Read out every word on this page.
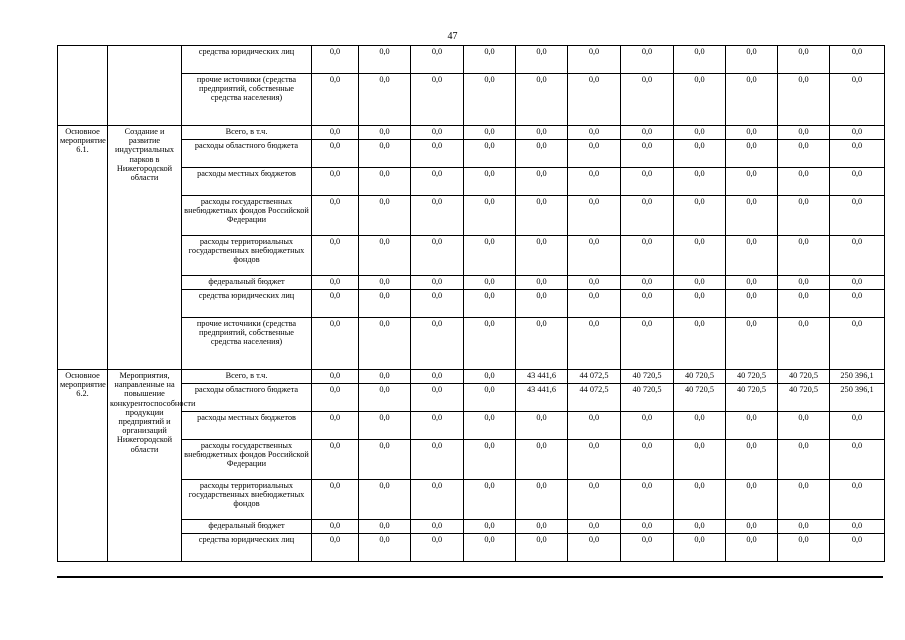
47
		средства юридических лиц	0,0	0,0	0,0	0,0	0,0	0,0	0,0	0,0	0,0	0,0	0,0
		прочие источники (средства предприятий, собственные средства населения)	0,0	0,0	0,0	0,0	0,0	0,0	0,0	0,0	0,0	0,0	0,0
Основное мероприятие 6.1.	Создание и развитие индустриальных парков в Нижегородской области	Всего, в т.ч.	0,0	0,0	0,0	0,0	0,0	0,0	0,0	0,0	0,0	0,0	0,0
		расходы областного бюджета	0,0	0,0	0,0	0,0	0,0	0,0	0,0	0,0	0,0	0,0	0,0
		расходы местных бюджетов	0,0	0,0	0,0	0,0	0,0	0,0	0,0	0,0	0,0	0,0	0,0
		расходы государственных внебюджетных фондов Российской Федерации	0,0	0,0	0,0	0,0	0,0	0,0	0,0	0,0	0,0	0,0	0,0
		расходы территориальных государственных внебюджетных фондов	0,0	0,0	0,0	0,0	0,0	0,0	0,0	0,0	0,0	0,0	0,0
		федеральный бюджет	0,0	0,0	0,0	0,0	0,0	0,0	0,0	0,0	0,0	0,0	0,0
		средства юридических лиц	0,0	0,0	0,0	0,0	0,0	0,0	0,0	0,0	0,0	0,0	0,0
		прочие источники (средства предприятий, собственные средства населения)	0,0	0,0	0,0	0,0	0,0	0,0	0,0	0,0	0,0	0,0	0,0
Основное мероприятие 6.2.	Мероприятия, направленные на повышение конкурентоспособности продукции предприятий и организаций Нижегородской области	Всего, в т.ч.	0,0	0,0	0,0	0,0	43 441,6	44 072,5	40 720,5	40 720,5	40 720,5	40 720,5	250 396,1
		расходы областного бюджета	0,0	0,0	0,0	0,0	43 441,6	44 072,5	40 720,5	40 720,5	40 720,5	40 720,5	250 396,1
		расходы местных бюджетов	0,0	0,0	0,0	0,0	0,0	0,0	0,0	0,0	0,0	0,0	0,0
		расходы государственных внебюджетных фондов Российской Федерации	0,0	0,0	0,0	0,0	0,0	0,0	0,0	0,0	0,0	0,0	0,0
		расходы территориальных государственных внебюджетных фондов	0,0	0,0	0,0	0,0	0,0	0,0	0,0	0,0	0,0	0,0	0,0
		федеральный бюджет	0,0	0,0	0,0	0,0	0,0	0,0	0,0	0,0	0,0	0,0	0,0
		средства юридических лиц	0,0	0,0	0,0	0,0	0,0	0,0	0,0	0,0	0,0	0,0	0,0
